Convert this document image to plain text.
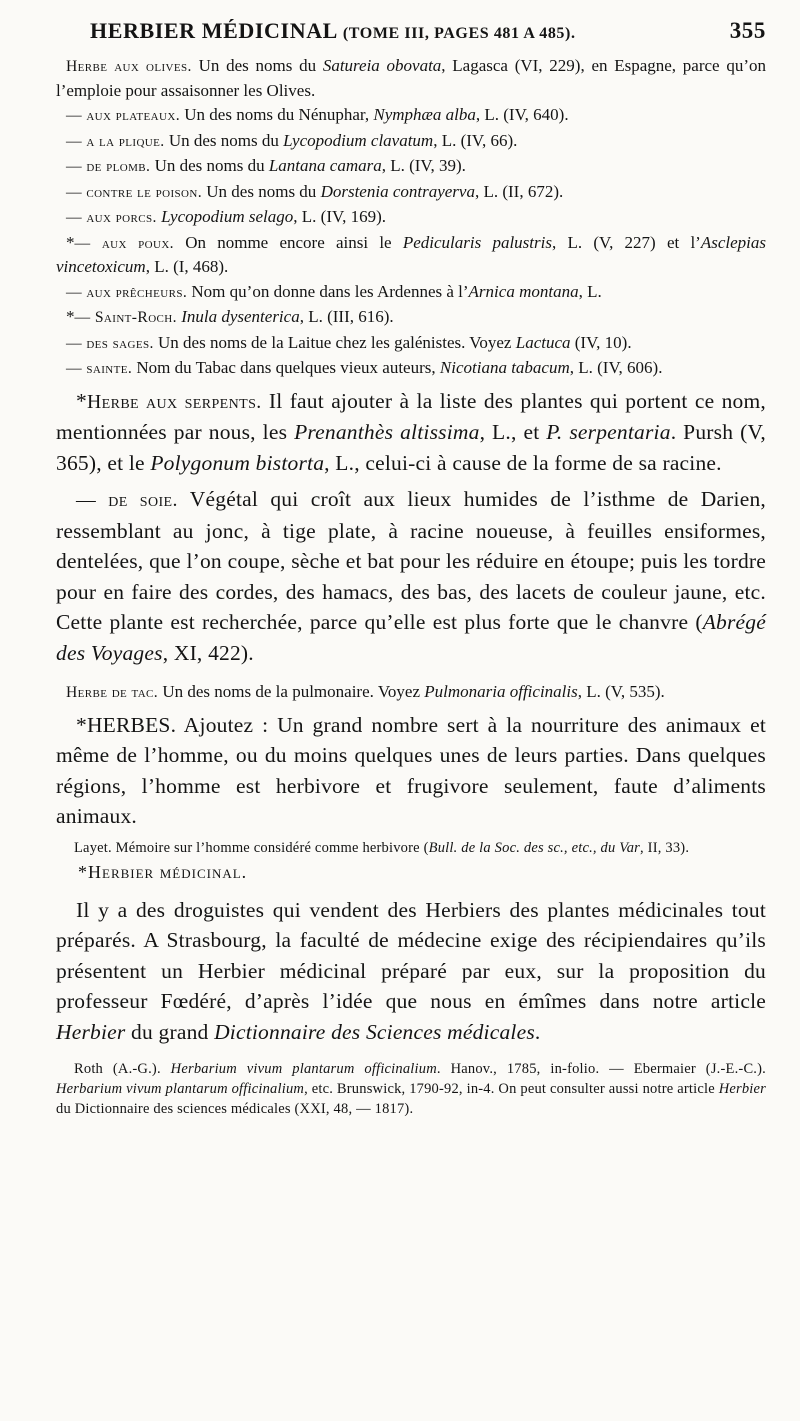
HERBIER MÉDICINAL (TOME III, PAGES 481 A 485).	355

Herbe aux olives. Un des noms du Satureia obovata, Lagasca (VI, 229), en Espagne, parce qu’on l’emploie pour assaisonner les Olives.

— aux plateaux. Un des noms du Nénuphar, Nymphæa alba, L. (IV, 640).

— a la plique. Un des noms du Lycopodium clavatum, L. (IV, 66).

— de plomb. Un des noms du Lantana camara, L. (IV, 39).

— contre le poison. Un des noms du Dorstenia contrayerva, L. (II, 672).

— aux porcs. Lycopodium selago, L. (IV, 169).

*— aux poux. On nomme encore ainsi le Pedicularis palustris, L. (V, 227) et l’Asclepias vincetoxicum, L. (I, 468).

— aux prêcheurs. Nom qu’on donne dans les Ardennes à l’Arnica montana, L.

*— Saint-Roch. Inula dysenterica, L. (III, 616).

— des sages. Un des noms de la Laitue chez les galénistes. Voyez Lactuca (IV, 10).

— sainte. Nom du Tabac dans quelques vieux auteurs, Nicotiana tabacum, L. (IV, 606).

*Herbe aux serpents. Il faut ajouter à la liste des plantes qui portent ce nom, mentionnées par nous, les Prenanthès altissima, L., et P. serpentaria. Pursh (V, 365), et le Polygonum bistorta, L., celui-ci à cause de la forme de sa racine.

— de soie. Végétal qui croît aux lieux humides de l’isthme de Darien, ressemblant au jonc, à tige plate, à racine noueuse, à feuilles ensiformes, dentelées, que l’on coupe, sèche et bat pour les réduire en étoupe; puis les tordre pour en faire des cordes, des hamacs, des bas, des lacets de couleur jaune, etc. Cette plante est recherchée, parce qu’elle est plus forte que le chanvre (Abrégé des Voyages, XI, 422).

Herbe de tac. Un des noms de la pulmonaire. Voyez Pulmonaria officinalis, L. (V, 535).

*HERBES. Ajoutez : Un grand nombre sert à la nourriture des animaux et même de l’homme, ou du moins quelques unes de leurs parties. Dans quelques régions, l’homme est herbivore et frugivore seulement, faute d’aliments animaux.

Layet. Mémoire sur l’homme considéré comme herbivore (Bull. de la Soc. des sc., etc., du Var, II, 33).

*Herbier médicinal.

Il y a des droguistes qui vendent des Herbiers des plantes médicinales tout préparés. A Strasbourg, la faculté de médecine exige des récipiendaires qu’ils présentent un Herbier médicinal préparé par eux, sur la proposition du professeur Fœdéré, d’après l’idée que nous en émîmes dans notre article Herbier du grand Dictionnaire des Sciences médicales.

Roth (A.-G.). Herbarium vivum plantarum officinalium. Hanov., 1785, in-folio. — Ebermaier (J.-E.-C.). Herbarium vivum plantarum officinalium, etc. Brunswick, 1790-92, in-4. On peut consulter aussi notre article Herbier du Dictionnaire des sciences médicales (XXI, 48, — 1817).
